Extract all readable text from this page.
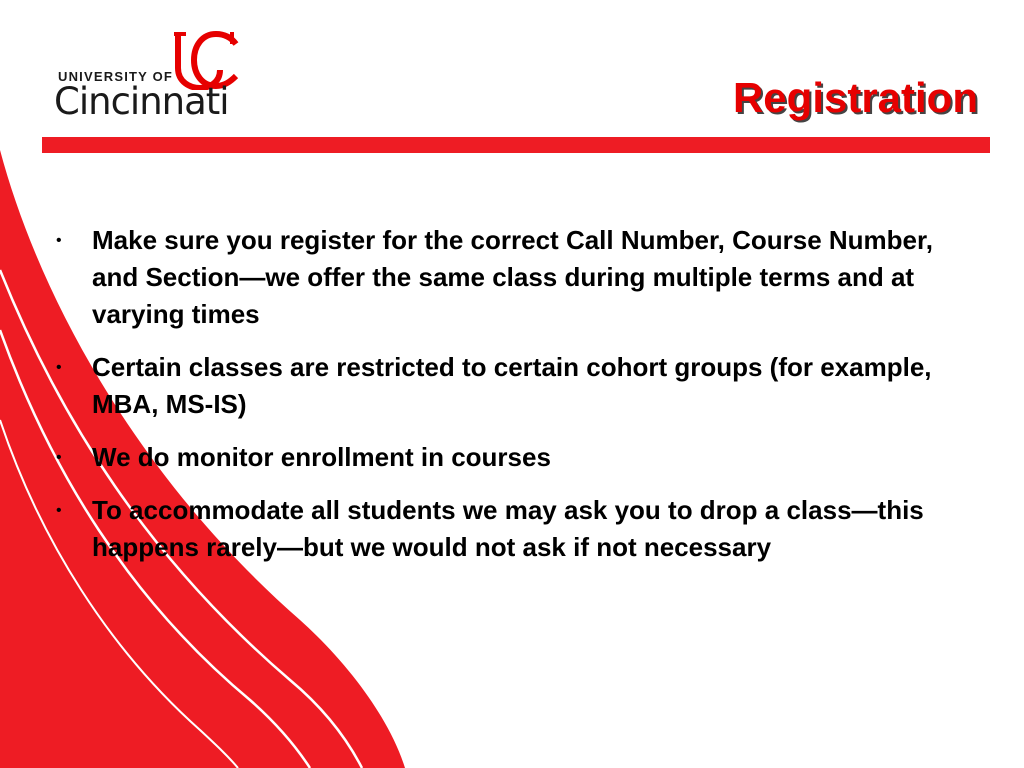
UNIVERSITY OF
Cincinnati	Registration
• Make sure you register for the correct Call Number, Course Number, and Section—we offer the same class during multiple terms and at varying times
• Certain classes are restricted to certain cohort groups (for example, MBA, MS-IS)
• We do monitor enrollment in courses
• To accommodate all students we may ask you to drop a class—this happens rarely—but we would not ask if not necessary
